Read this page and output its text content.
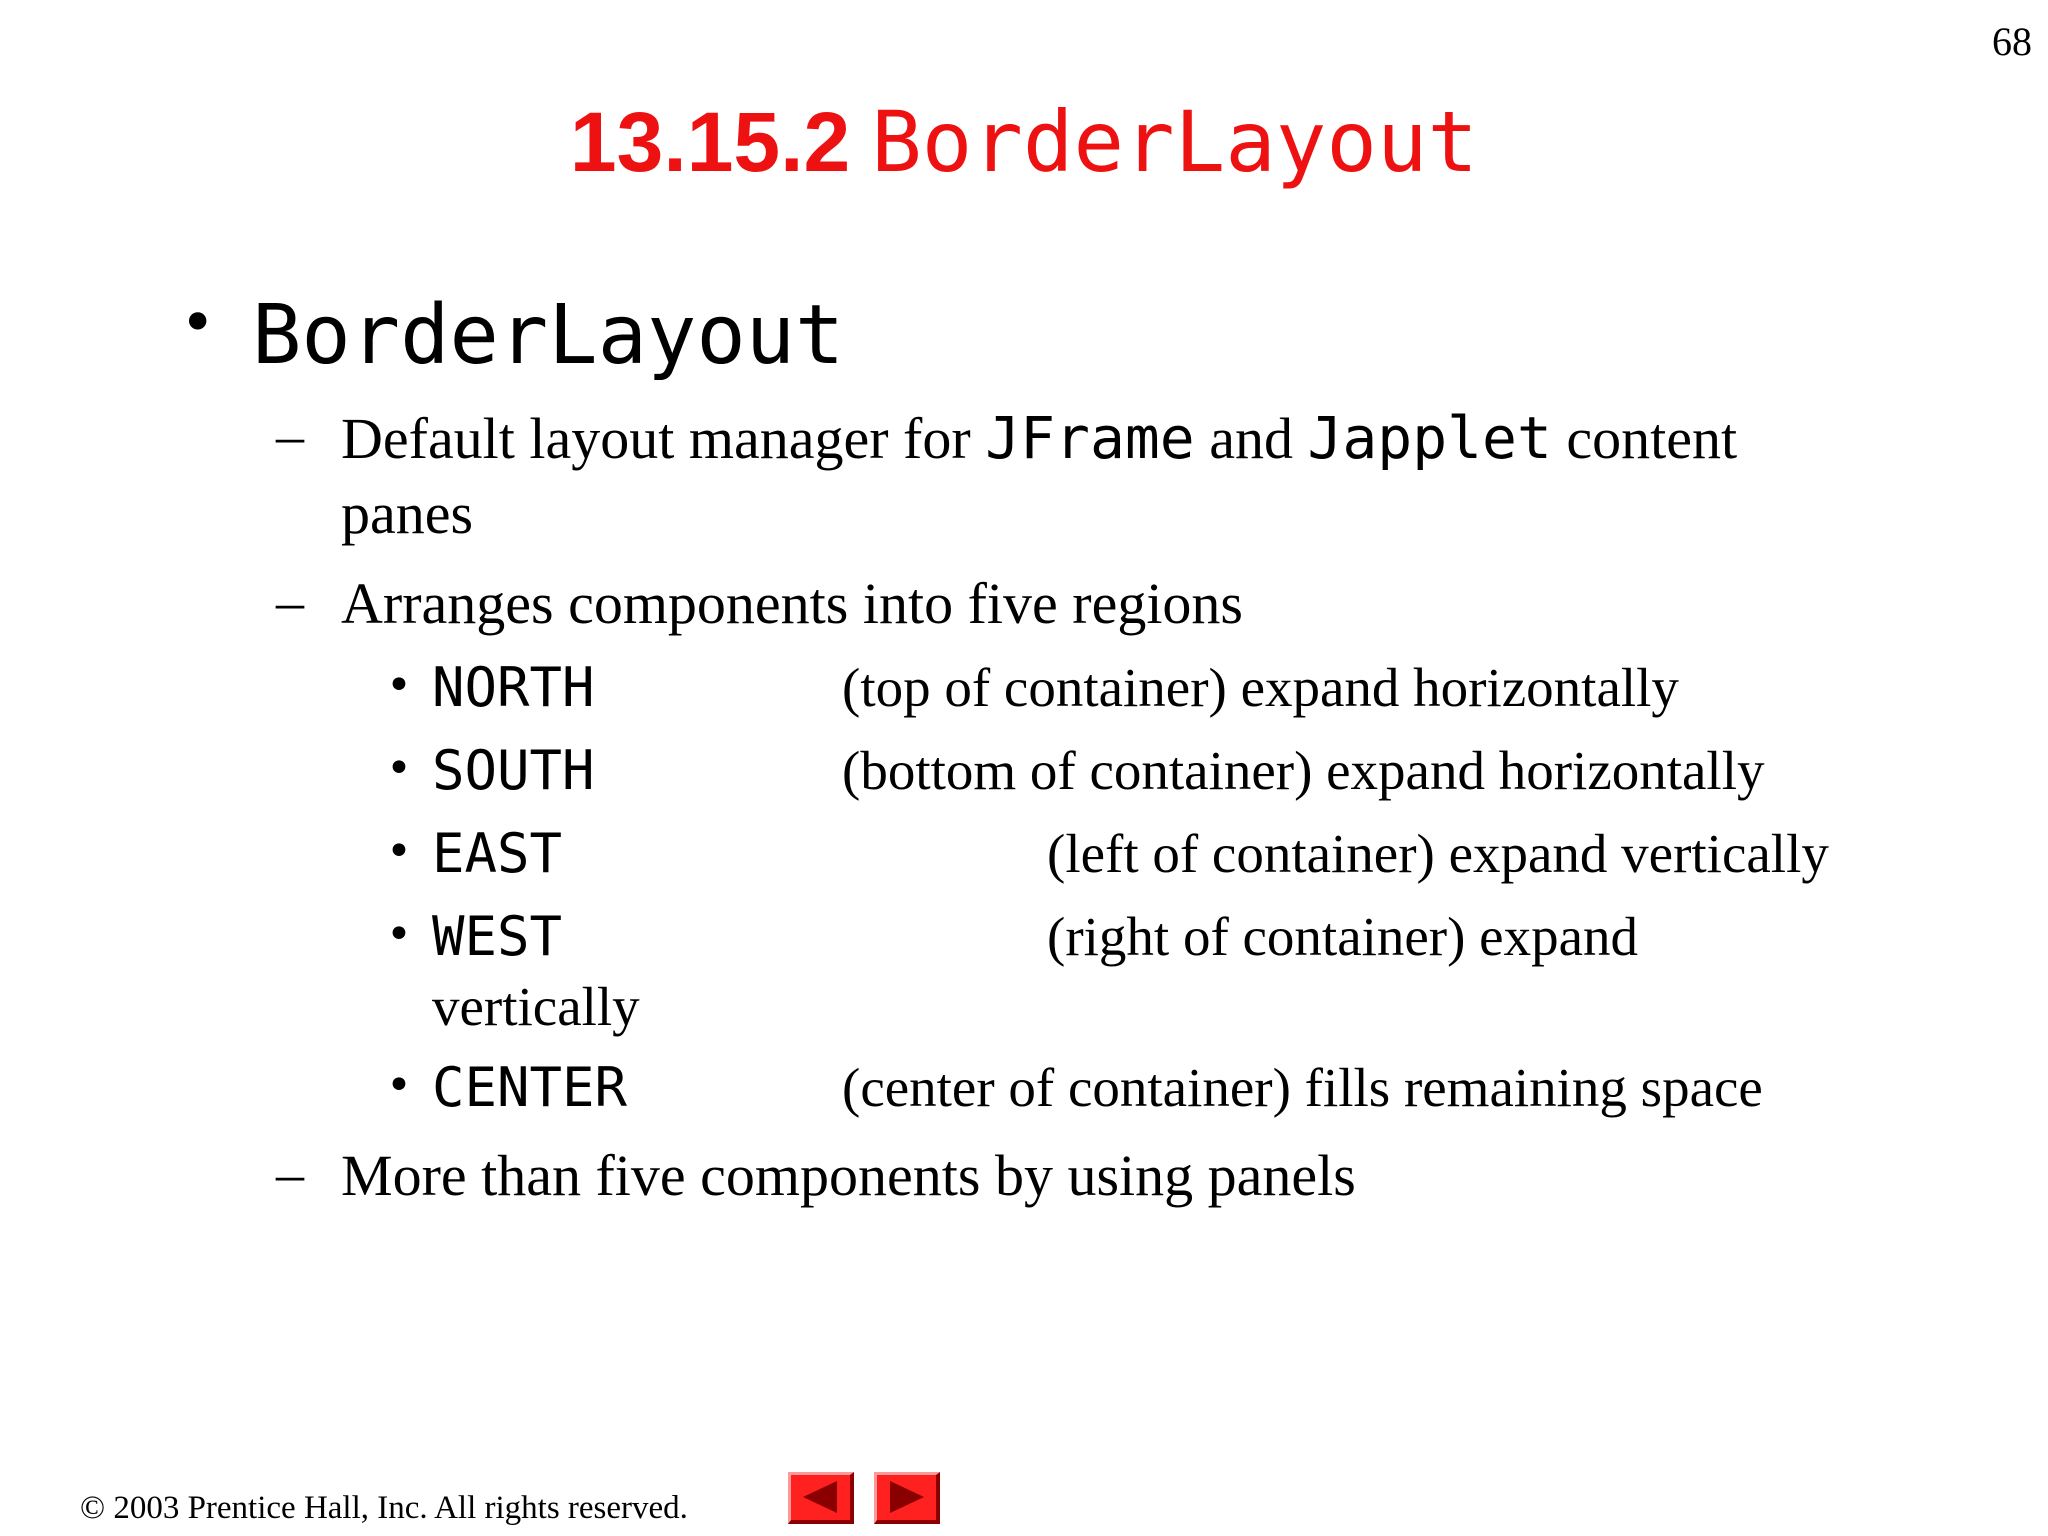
68
13.15.2 BorderLayout
• BorderLayout
– Default layout manager for JFrame and Japplet content
panes
– Arranges components into five regions
• NORTH	(top of container) expand horizontally
• SOUTH	(bottom of container) expand horizontally
• EAST	(left of container) expand vertically
• WEST	(right of container) expand
vertically
• CENTER	(center of container) fills remaining space
– More than five components by using panels
© 2003 Prentice Hall, Inc. All rights reserved.
